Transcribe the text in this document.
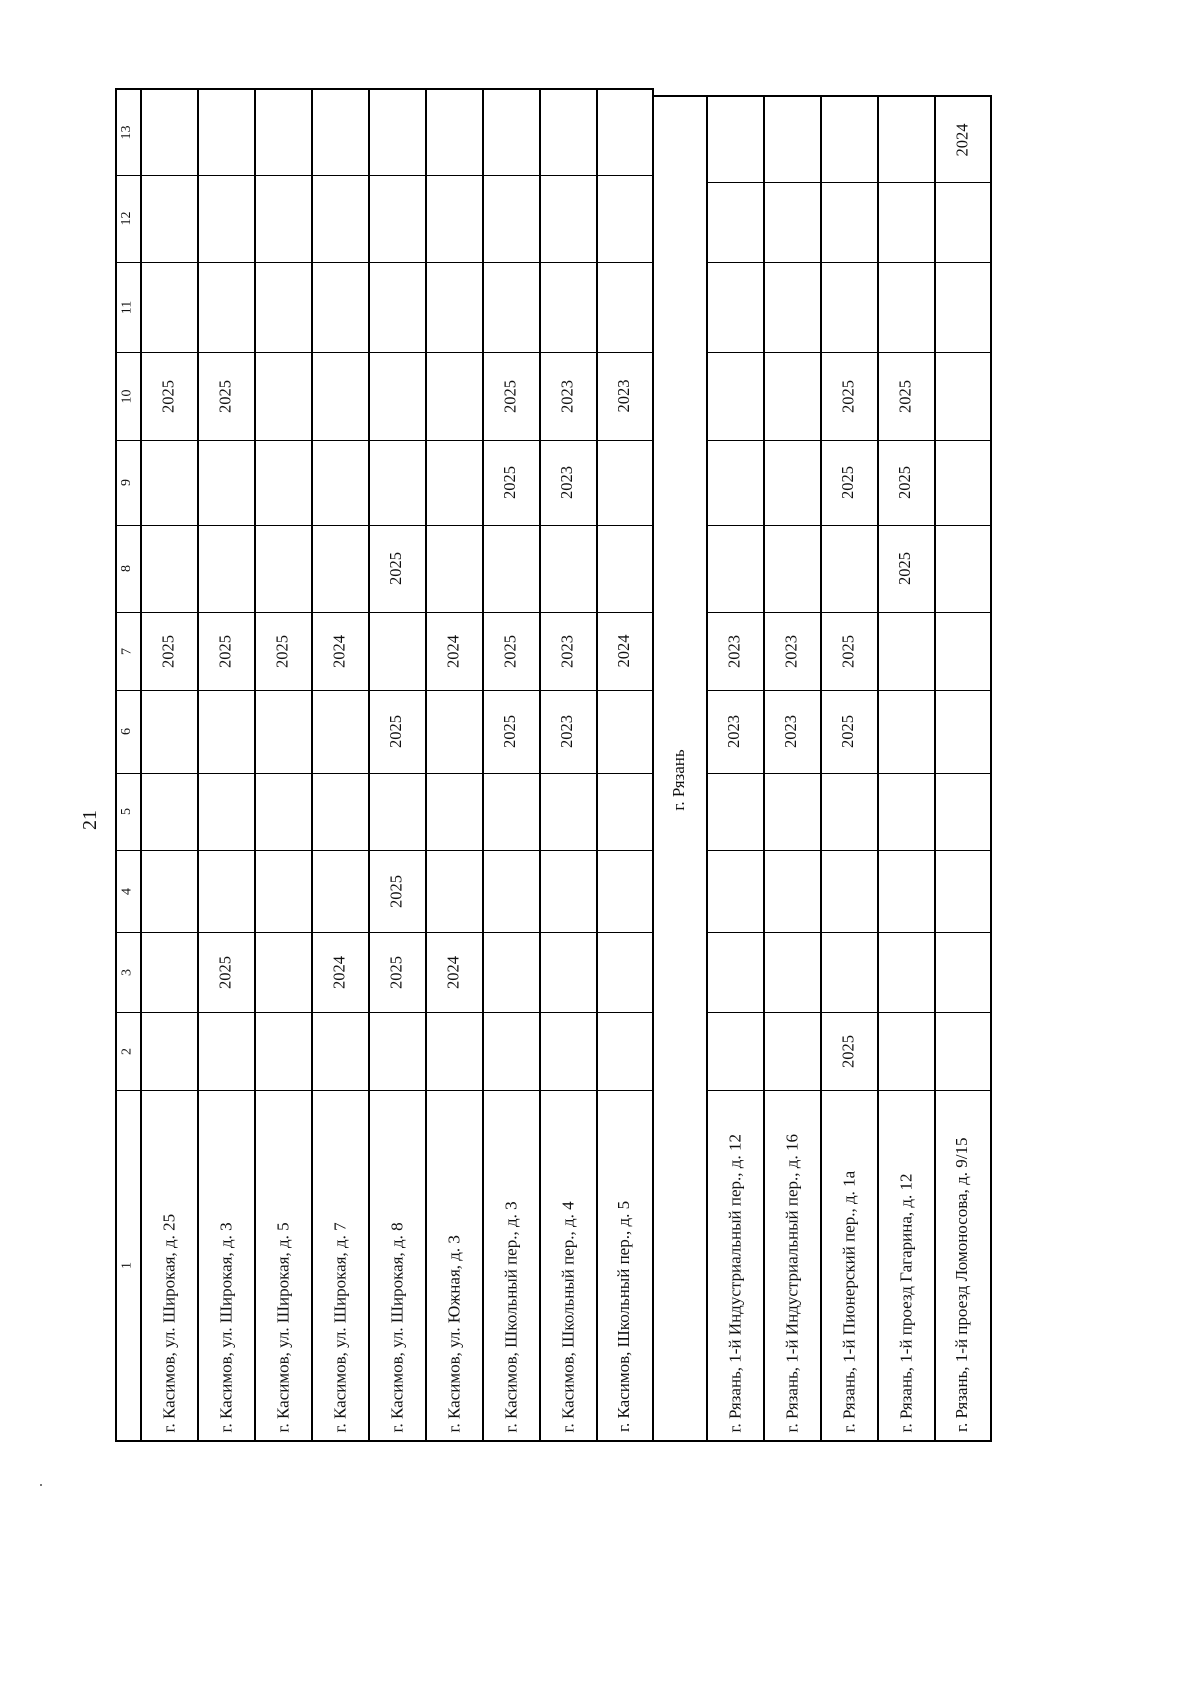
21
1
2
3
4
5
6
7
8
9
10
11
12
13
г. Касимов, ул. Широкая, д. 25
2025
2025
г. Касимов, ул. Широкая, д. 3
2025
2025
2025
г. Касимов, ул. Широкая, д. 5
2025
г. Касимов, ул. Широкая, д. 7
2024
2024
г. Касимов, ул. Широкая, д. 8
2025
2025
2025
2025
г. Касимов, ул. Южная, д. 3
2024
2024
г. Касимов, Школьный пер., д. 3
2025
2025
2025
2025
г. Касимов, Школьный пер., д. 4
2023
2023
2023
2023
г. Касимов, Школьный пер., д. 5
2024
2023
г. Рязань
г. Рязань, 1-й Индустриальный пер., д. 12
2023
2023
г. Рязань, 1-й Индустриальный пер., д. 16
2023
2023
г. Рязань, 1-й Пионерский пер., д. 1а
2025
2025
2025
2025
2025
г. Рязань, 1-й проезд Гагарина, д. 12
2025
2025
2025
г. Рязань, 1-й проезд Ломоносова, д. 9/15
2024
